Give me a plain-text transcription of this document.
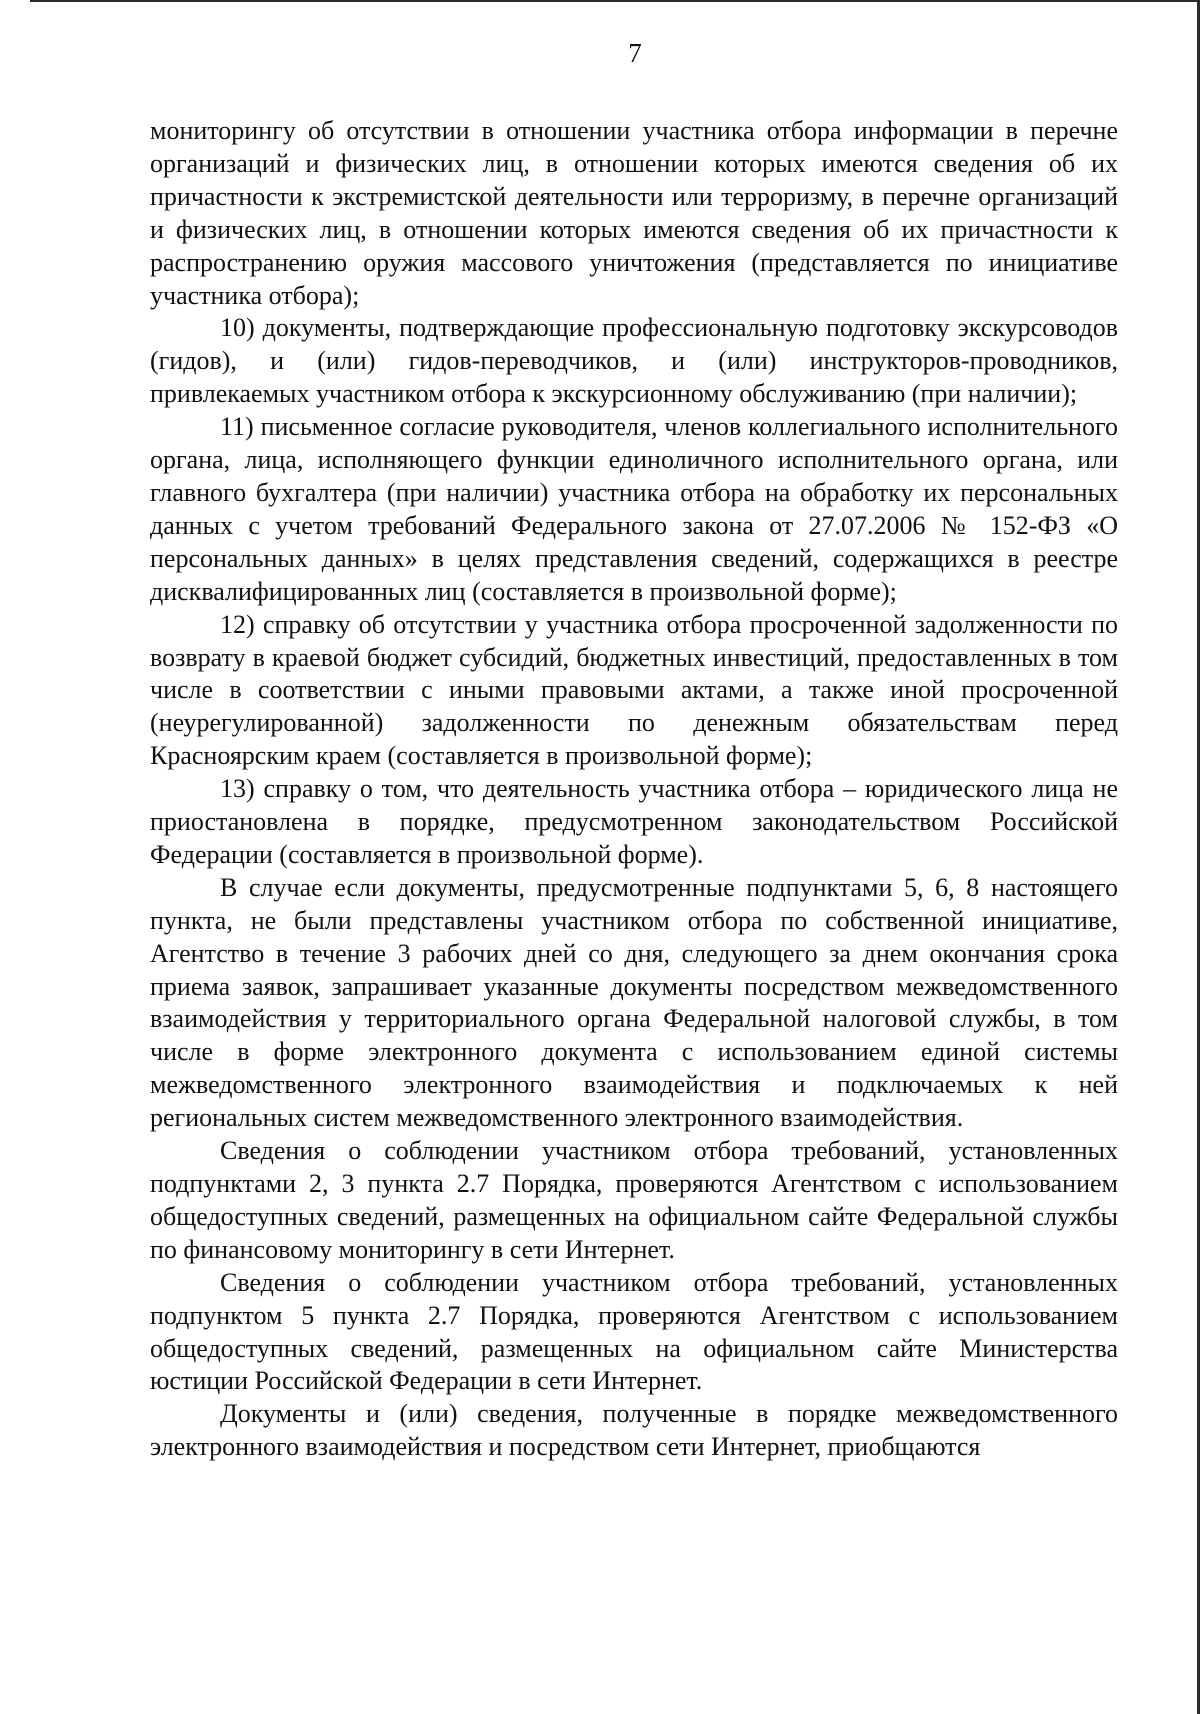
7

мониторингу об отсутствии в отношении участника отбора информации в перечне организаций и физических лиц, в отношении которых имеются сведения об их причастности к экстремистской деятельности или терроризму, в перечне организаций и физических лиц, в отношении которых имеются сведения об их причастности к распространению оружия массового уничтожения (представляется по инициативе участника отбора);

10) документы, подтверждающие профессиональную подготовку экскурсоводов (гидов), и (или) гидов-переводчиков, и (или) инструкторов-проводников, привлекаемых участником отбора к экскурсионному обслуживанию (при наличии);

11) письменное согласие руководителя, членов коллегиального исполнительного органа, лица, исполняющего функции единоличного исполнительного органа, или главного бухгалтера (при наличии) участника отбора на обработку их персональных данных с учетом требований Федерального закона от 27.07.2006 № 152-ФЗ «О персональных данных» в целях представления сведений, содержащихся в реестре дисквалифицированных лиц (составляется в произвольной форме);

12) справку об отсутствии у участника отбора просроченной задолженности по возврату в краевой бюджет субсидий, бюджетных инвестиций, предоставленных в том числе в соответствии с иными правовыми актами, а также иной просроченной (неурегулированной) задолженности по денежным обязательствам перед Красноярским краем (составляется в произвольной форме);

13) справку о том, что деятельность участника отбора – юридического лица не приостановлена в порядке, предусмотренном законодательством Российской Федерации (составляется в произвольной форме).

В случае если документы, предусмотренные подпунктами 5, 6, 8 настоящего пункта, не были представлены участником отбора по собственной инициативе, Агентство в течение 3 рабочих дней со дня, следующего за днем окончания срока приема заявок, запрашивает указанные документы посредством межведомственного взаимодействия у территориального органа Федеральной налоговой службы, в том числе в форме электронного документа с использованием единой системы межведомственного электронного взаимодействия и подключаемых к ней региональных систем межведомственного электронного взаимодействия.

Сведения о соблюдении участником отбора требований, установленных подпунктами 2, 3 пункта 2.7 Порядка, проверяются Агентством с использованием общедоступных сведений, размещенных на официальном сайте Федеральной службы по финансовому мониторингу в сети Интернет.

Сведения о соблюдении участником отбора требований, установленных подпунктом 5 пункта 2.7 Порядка, проверяются Агентством с использованием общедоступных сведений, размещенных на официальном сайте Министерства юстиции Российской Федерации в сети Интернет.

Документы и (или) сведения, полученные в порядке межведомственного электронного взаимодействия и посредством сети Интернет, приобщаются
